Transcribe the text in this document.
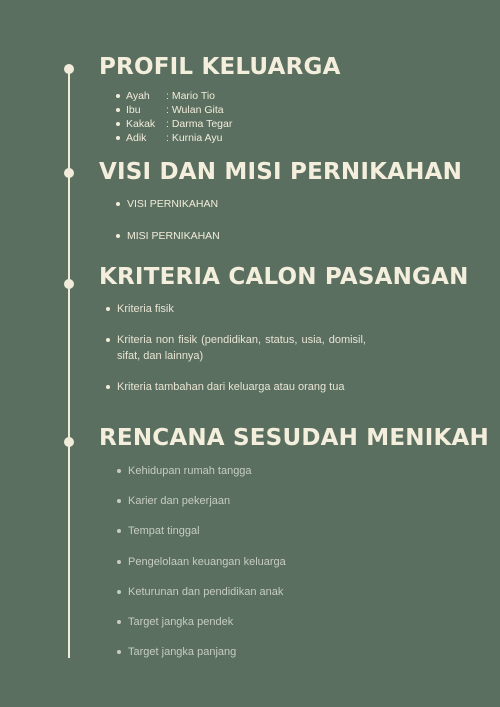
PROFIL KELUARGA
Ayah : Mario Tio
Ibu : Wulan Gita
Kakak : Darma Tegar
Adik : Kurnia Ayu
VISI DAN MISI PERNIKAHAN
VISI PERNIKAHAN
MISI PERNIKAHAN
KRITERIA CALON PASANGAN
Kriteria fisik
Kriteria non fisik (pendidikan, status, usia, domisil, sifat, dan lainnya)
Kriteria tambahan dari keluarga atau orang tua
RENCANA SESUDAH MENIKAH
Kehidupan rumah tangga
Karier dan pekerjaan
Tempat tinggal
Pengelolaan keuangan keluarga
Keturunan dan pendidikan anak
Target jangka pendek
Target jangka panjang
